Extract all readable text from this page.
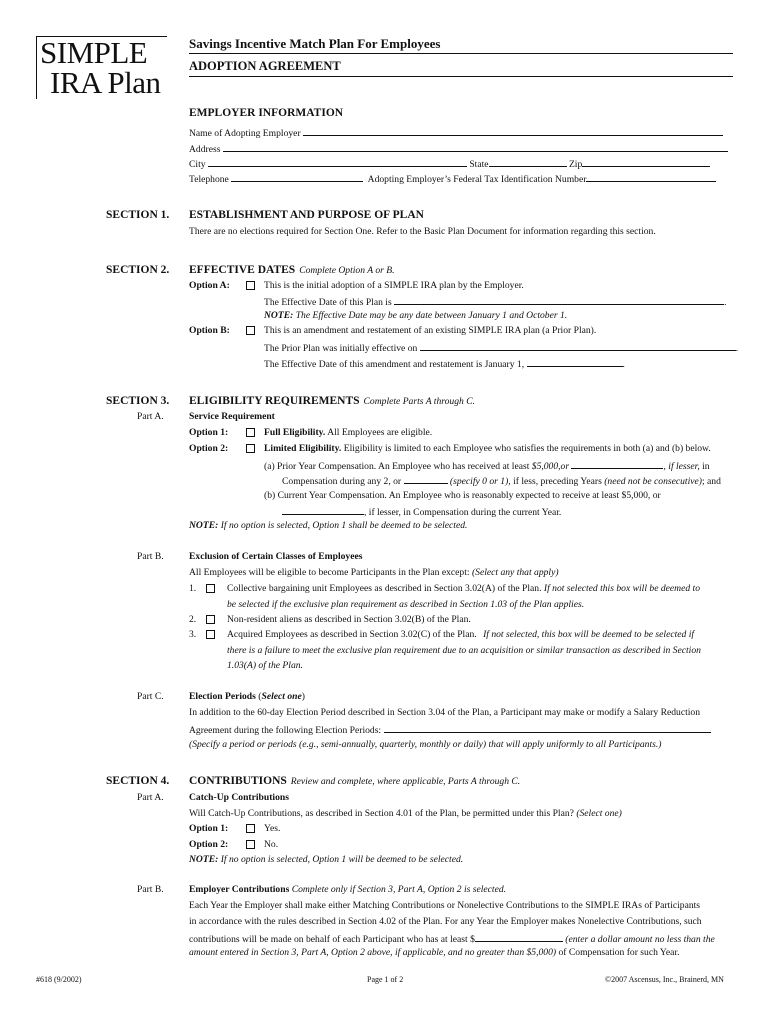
SIMPLE
IRA Plan
Savings Incentive Match Plan For Employees
ADOPTION AGREEMENT
EMPLOYER INFORMATION
Name of Adopting Employer
Address
City	State	Zip
Telephone	Adopting Employer’s Federal Tax Identification Number
SECTION 1. ESTABLISHMENT AND PURPOSE OF PLAN
There are no elections required for Section One. Refer to the Basic Plan Document for information regarding this section.
SECTION 2. EFFECTIVE DATES Complete Option A or B.
Option A:	This is the initial adoption of a SIMPLE IRA plan by the Employer.
The Effective Date of this Plan is	.
NOTE: The Effective Date may be any date between January 1 and October 1.
Option B:	This is an amendment and restatement of an existing SIMPLE IRA plan (a Prior Plan).
The Prior Plan was initially effective on	.
The Effective Date of this amendment and restatement is January 1,	.
SECTION 3. ELIGIBILITY REQUIREMENTS Complete Parts A through C.
Part A.	Service Requirement
Option 1:	Full Eligibility. All Employees are eligible.
Option 2:	Limited Eligibility. Eligibility is limited to each Employee who satisfies the requirements in both (a) and (b) below.
(a) Prior Year Compensation. An Employee who has received at least $5,000,or	, if lesser, in
Compensation during any 2, or	(specify 0 or 1), if less, preceding Years (need not be consecutive); and
(b) Current Year Compensation. An Employee who is reasonably expected to receive at least $5,000, or
, if lesser, in Compensation during the current Year.
NOTE: If no option is selected, Option 1 shall be deemed to be selected.
Part B.	Exclusion of Certain Classes of Employees
All Employees will be eligible to become Participants in the Plan except: (Select any that apply)
1.	Collective bargaining unit Employees as described in Section 3.02(A) of the Plan. If not selected this box will be deemed to
be selected if the exclusive plan requirement as described in Section 1.03 of the Plan applies.
2.	Non-resident aliens as described in Section 3.02(B) of the Plan.
3.	Acquired Employees as described in Section 3.02(C) of the Plan. If not selected, this box will be deemed to be selected if
there is a failure to meet the exclusive plan requirement due to an acquisition or similar transaction as described in Section
1.03(A) of the Plan.
Part C.	Election Periods (Select one)
In addition to the 60-day Election Period described in Section 3.04 of the Plan, a Participant may make or modify a Salary Reduction
Agreement during the following Election Periods:
(Specify a period or periods (e.g., semi-annually, quarterly, monthly or daily) that will apply uniformly to all Participants.)
SECTION 4. CONTRIBUTIONS Review and complete, where applicable, Parts A through C.
Part A.	Catch-Up Contributions
Will Catch-Up Contributions, as described in Section 4.01 of the Plan, be permitted under this Plan? (Select one)
Option 1:	Yes.
Option 2:	No.
NOTE: If no option is selected, Option 1 will be deemed to be selected.
Part B.	Employer Contributions Complete only if Section 3, Part A, Option 2 is selected.
Each Year the Employer shall make either Matching Contributions or Nonelective Contributions to the SIMPLE IRAs of Participants
in accordance with the rules described in Section 4.02 of the Plan. For any Year the Employer makes Nonelective Contributions, such
contributions will be made on behalf of each Participant who has at least $	(enter a dollar amount no less than the
amount entered in Section 3, Part A, Option 2 above, if applicable, and no greater than $5,000) of Compensation for such Year.
#618 (9/2002)	Page 1 of 2	©2007 Ascensus, Inc., Brainerd, MN
